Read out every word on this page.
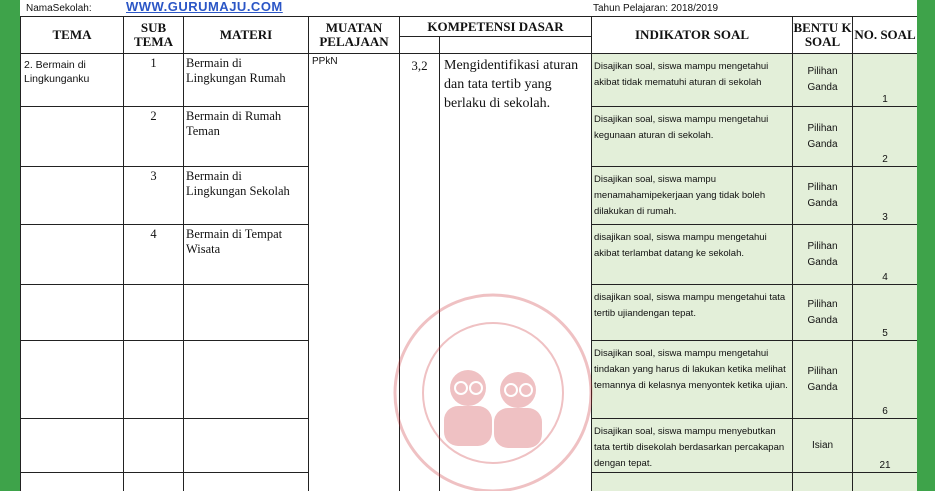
NamaSekolah:	WWW.GURUMAJU.COM	Tahun Pelajaran: 2018/2019
TEMA	SUB TEMA	MATERI	MUATAN PELAJAAN	KOMPETENSI DASAR		INDIKATOR SOAL	BENTU K SOAL	NO. SOAL

2. Bermain di Lingkunganku	1	Bermain di Lingkungan Rumah	PPkN	3,2	Mengidentifikasi aturan dan tata tertib yang berlaku di sekolah.	Disajikan soal, siswa mampu mengetahui akibat tidak mematuhi aturan di sekolah	Pilihan Ganda	1
	2	Bermain di Rumah Teman				Disajikan soal, siswa mampu mengetahui kegunaan aturan di sekolah.	Pilihan Ganda	2
	3	Bermain di Lingkungan Sekolah				Disajikan soal, siswa mampu menamahamipekerjaan yang tidak boleh dilakukan di rumah.	Pilihan Ganda	3
	4	Bermain di Tempat Wisata				disajikan soal, siswa mampu mengetahui akibat terlambat datang ke sekolah.	Pilihan Ganda	4
						disajikan soal, siswa mampu mengetahui tata tertib ujiandengan tepat.	Pilihan Ganda	5
						Disajikan soal, siswa mampu mengetahui tindakan yang harus di lakukan ketika melihat temannya di kelasnya menyontek ketika ujian.	Pilihan Ganda	6
						Disajikan soal, siswa mampu menyebutkan tata tertib disekolah berdasarkan percakapan dengan tepat.	Isian	21
